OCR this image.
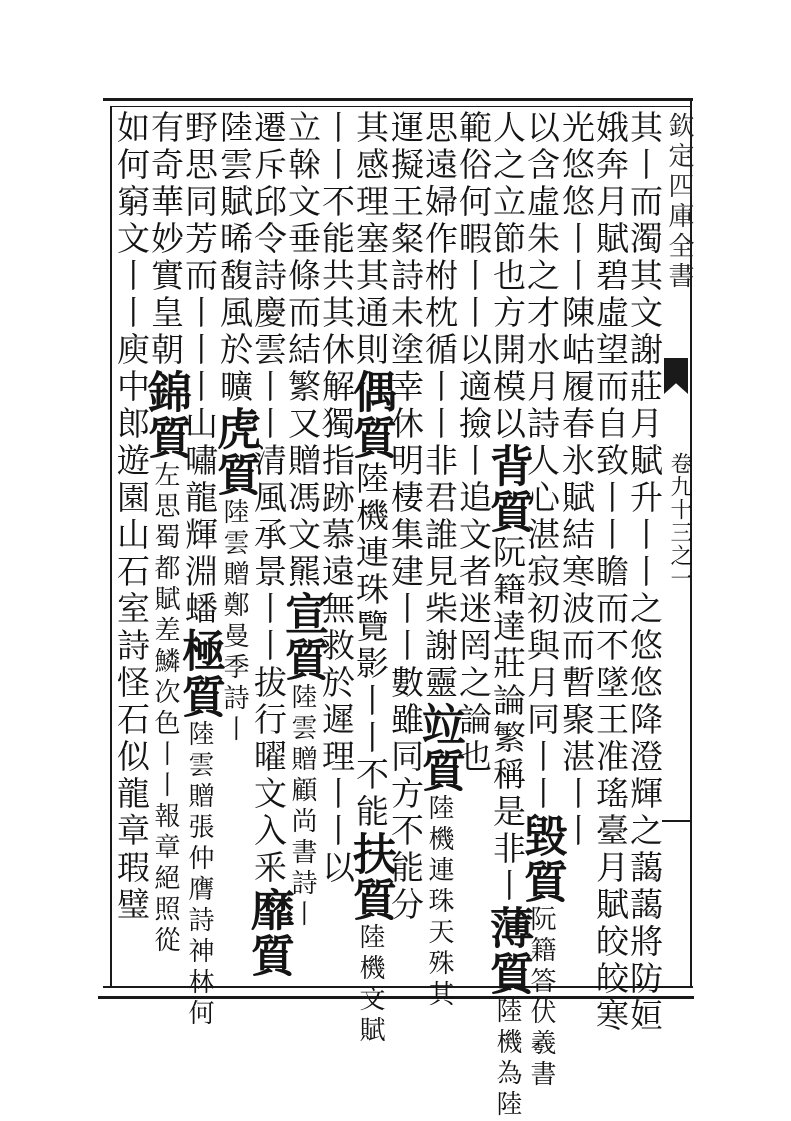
欽定四庫全書
卷九十三之一
其丨而濁其文謝莊月賦升丨丨之悠悠降澄輝之藹藹將防姮
娥奔月賦碧虛望而自致丨丨瞻而不墜王准瑤臺月賦皎皎寒
光悠悠丨丨陳岵履春氷賦結寒波而暫聚湛丨丨
以含虛朱之才水月詩人心湛寂初與月同丨丨毀質阮籍答伏羲書
人之立節也方開模以背質阮籍達莊論繁稱是非丨薄質陸機為陸
範俗何暇丨丨以適撿丨追文者迷罔之論也
思遠婦作柎枕循丨丨非君誰見柴謝靈竝質陸機連珠天殊其
運擬王粲詩未塗幸休明棲集建丨丨數雖同方不能分
其感理塞其通則偶質陸機連珠覽影丨丨不能扶質陸機文賦
丨丨不能共其休解獨指跡慕遠無救於遲理丨丨以
立榦文垂條而結繁又贈馮文羆宣質陸雲贈顧尚書詩丨
遷斥邱令詩慶雲丨丨清風承景丨丨拔行曜文入釆靡質
陸雲賦晞馥風於曠虎質陸雲贈鄭曼季詩丨
野思同芳而丨丨丨山嘯龍輝淵蟠極質陸雲贈張仲膺詩神林何
有奇華妙實皇朝錦質左思蜀都賦差鱗次色丨丨報章絕照從
如何窮文丨丨庾中郎遊園山石室詩怪石似龍章瑕璧
